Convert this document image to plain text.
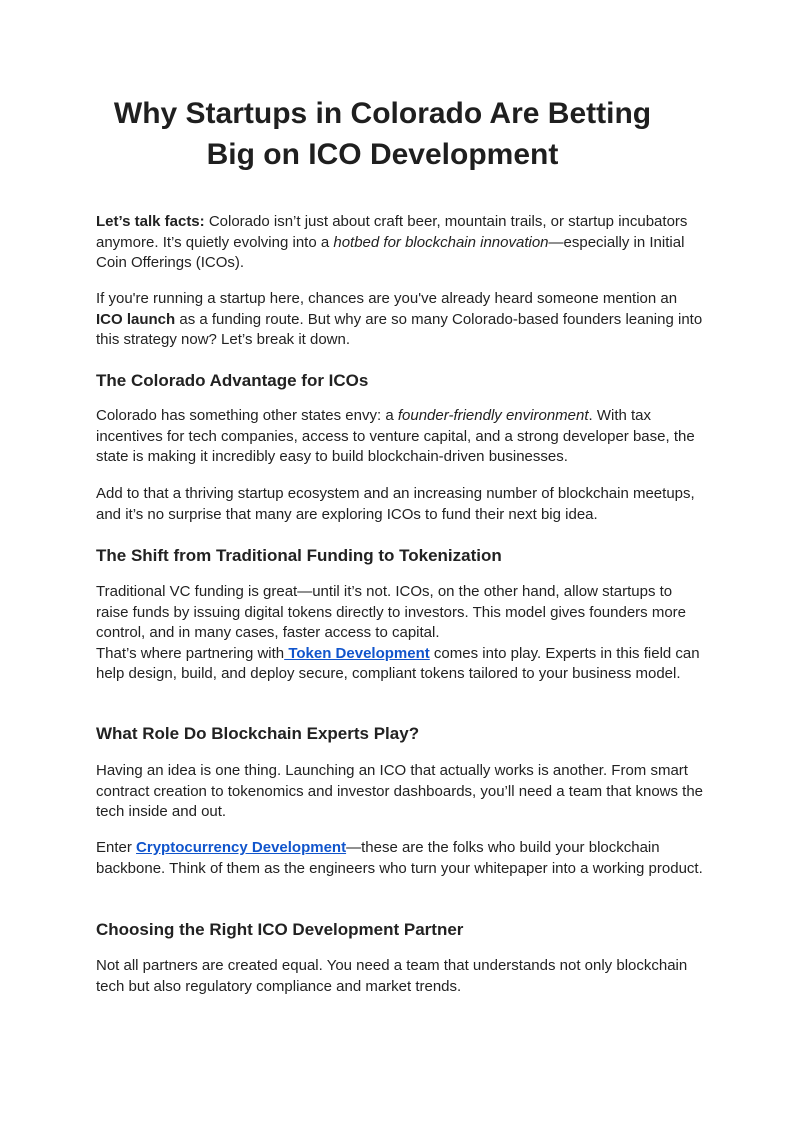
Why Startups in Colorado Are Betting
Big on ICO Development

Let’s talk facts: Colorado isn’t just about craft beer, mountain trails, or startup incubators anymore. It’s quietly evolving into a hotbed for blockchain innovation—especially in Initial Coin Offerings (ICOs).

If you're running a startup here, chances are you've already heard someone mention an ICO launch as a funding route. But why are so many Colorado-based founders leaning into this strategy now? Let’s break it down.

The Colorado Advantage for ICOs

Colorado has something other states envy: a founder-friendly environment. With tax incentives for tech companies, access to venture capital, and a strong developer base, the state is making it incredibly easy to build blockchain-driven businesses.

Add to that a thriving startup ecosystem and an increasing number of blockchain meetups, and it’s no surprise that many are exploring ICOs to fund their next big idea.

The Shift from Traditional Funding to Tokenization

Traditional VC funding is great—until it’s not. ICOs, on the other hand, allow startups to raise funds by issuing digital tokens directly to investors. This model gives founders more control, and in many cases, faster access to capital.
That’s where partnering with Token Development comes into play. Experts in this field can help design, build, and deploy secure, compliant tokens tailored to your business model.

What Role Do Blockchain Experts Play?

Having an idea is one thing. Launching an ICO that actually works is another. From smart contract creation to tokenomics and investor dashboards, you’ll need a team that knows the tech inside and out.

Enter Cryptocurrency Development—these are the folks who build your blockchain backbone. Think of them as the engineers who turn your whitepaper into a working product.

Choosing the Right ICO Development Partner

Not all partners are created equal. You need a team that understands not only blockchain tech but also regulatory compliance and market trends.
